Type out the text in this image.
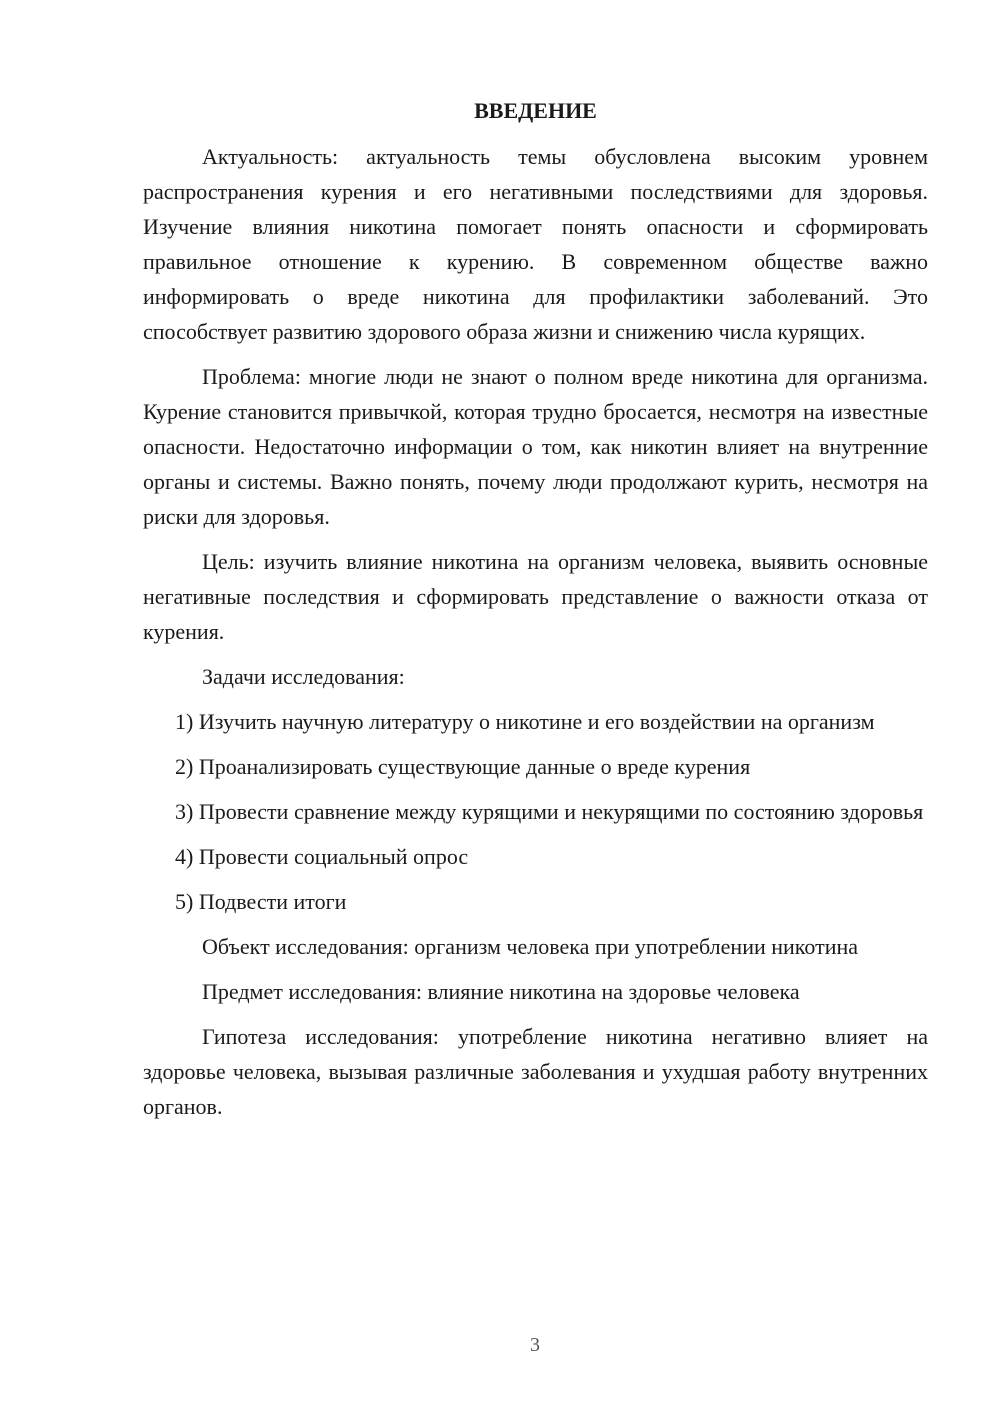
ВВЕДЕНИЕ
Актуальность: актуальность темы обусловлена высоким уровнем распространения курения и его негативными последствиями для здоровья. Изучение влияния никотина помогает понять опасности и сформировать правильное отношение к курению. В современном обществе важно информировать о вреде никотина для профилактики заболеваний. Это способствует развитию здорового образа жизни и снижению числа курящих.
Проблема: многие люди не знают о полном вреде никотина для организма. Курение становится привычкой, которая трудно бросается, несмотря на известные опасности. Недостаточно информации о том, как никотин влияет на внутренние органы и системы. Важно понять, почему люди продолжают курить, несмотря на риски для здоровья.
Цель: изучить влияние никотина на организм человека, выявить основные негативные последствия и сформировать представление о важности отказа от курения.
Задачи исследования:
1) Изучить научную литературу о никотине и его воздействии на организм
2) Проанализировать существующие данные о вреде курения
3) Провести сравнение между курящими и некурящими по состоянию здоровья
4) Провести социальный опрос
5) Подвести итоги
Объект исследования: организм человека при употреблении никотина
Предмет исследования: влияние никотина на здоровье человека
Гипотеза исследования: употребление никотина негативно влияет на здоровье человека, вызывая различные заболевания и ухудшая работу внутренних органов.
3
